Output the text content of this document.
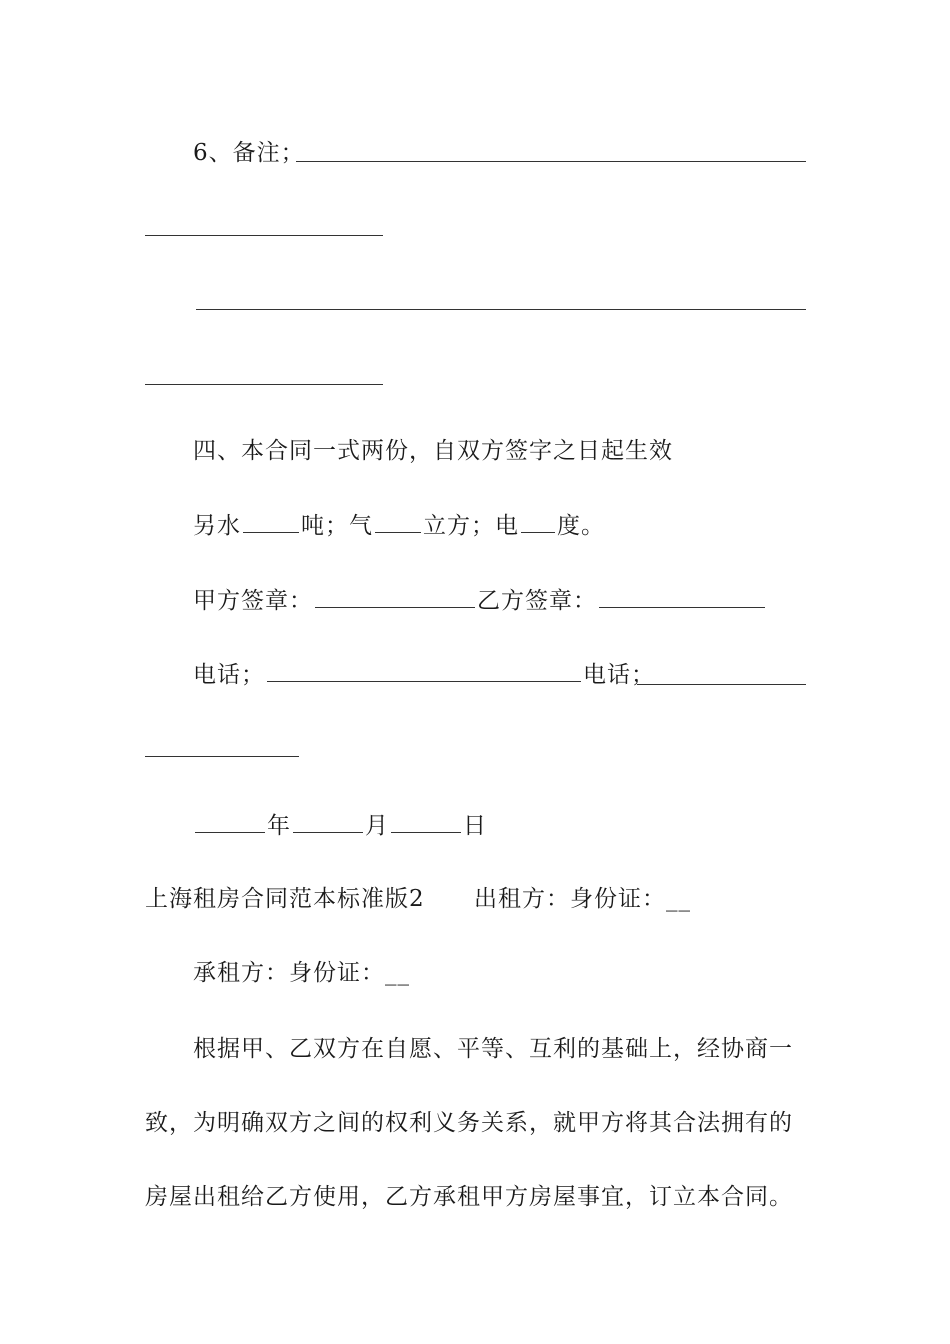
6、备注；
四、本合同一式两份，自双方签字之日起生效
另水	吨；气 立方；电 度。
甲方签章：	乙方签章：
电话；	电话；
年	月	日
上海租房合同范本标准版2 出租方：身份证：__
承租方：身份证：__
根据甲、乙双方在自愿、平等、互利的基础上，经协商一
致，为明确双方之间的权利义务关系，就甲方将其合法拥有的
房屋出租给乙方使用，乙方承租甲方房屋事宜，订立本合同。
